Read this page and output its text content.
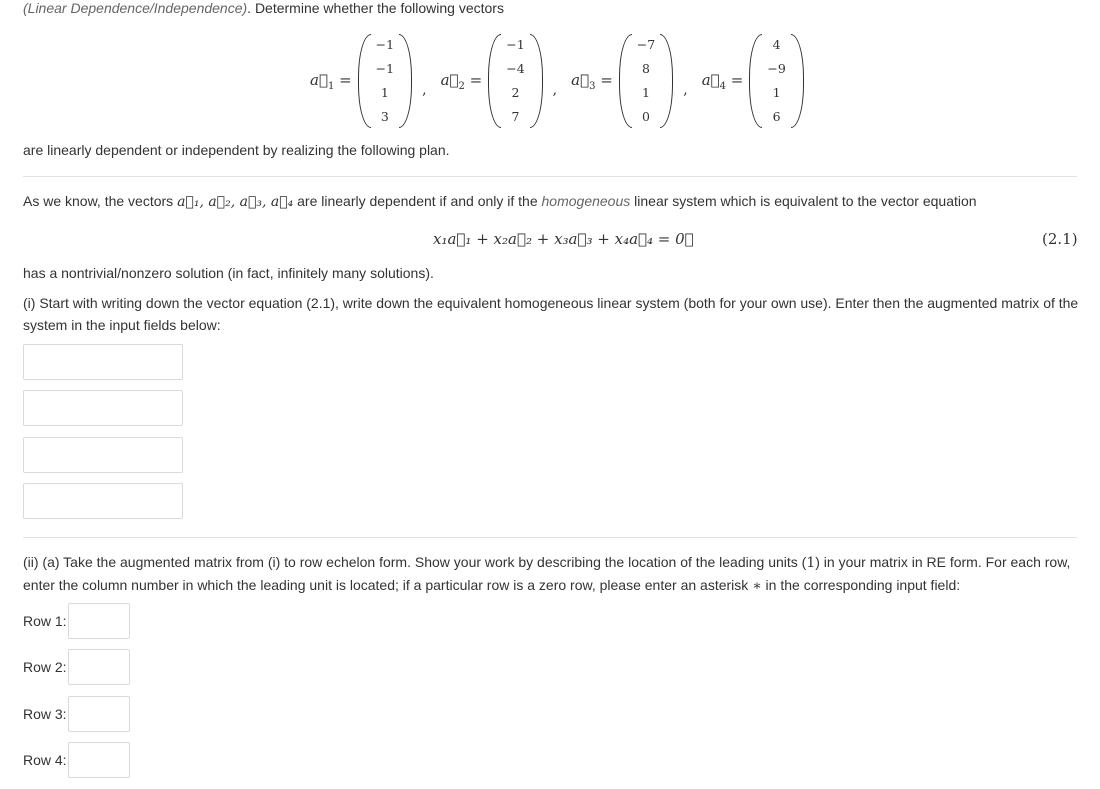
(Linear Dependence/Independence). Determine whether the following vectors
$a⃗_1$ =
−1
−1
1
3
,
$a⃗_2$ =
−1
−4
2
7
,
$a⃗_3$ =
−7
8
1
0
,
$a⃗_4$ =
4
−9
1
6
are linearly dependent or independent by realizing the following plan.
As we know, the vectors a⃗₁, a⃗₂, a⃗₃, a⃗₄ are linearly dependent if and only if the homogeneous linear system which is equivalent to the vector equation
x₁a⃗₁ + x₂a⃗₂ + x₃a⃗₃ + x₄a⃗₄ = 0⃗	(2.1)
has a nontrivial/nonzero solution (in fact, infinitely many solutions).
(i) Start with writing down the vector equation (2.1), write down the equivalent homogeneous linear system (both for your own use). Enter then the augmented matrix of the system in the input fields below:
(ii) (a) Take the augmented matrix from (i) to row echelon form. Show your work by describing the location of the leading units (1) in your matrix in RE form. For each row, enter the column number in which the leading unit is located; if a particular row is a zero row, please enter an asterisk ∗ in the corresponding input field:
Row 1:
Row 2:
Row 3:
Row 4:
